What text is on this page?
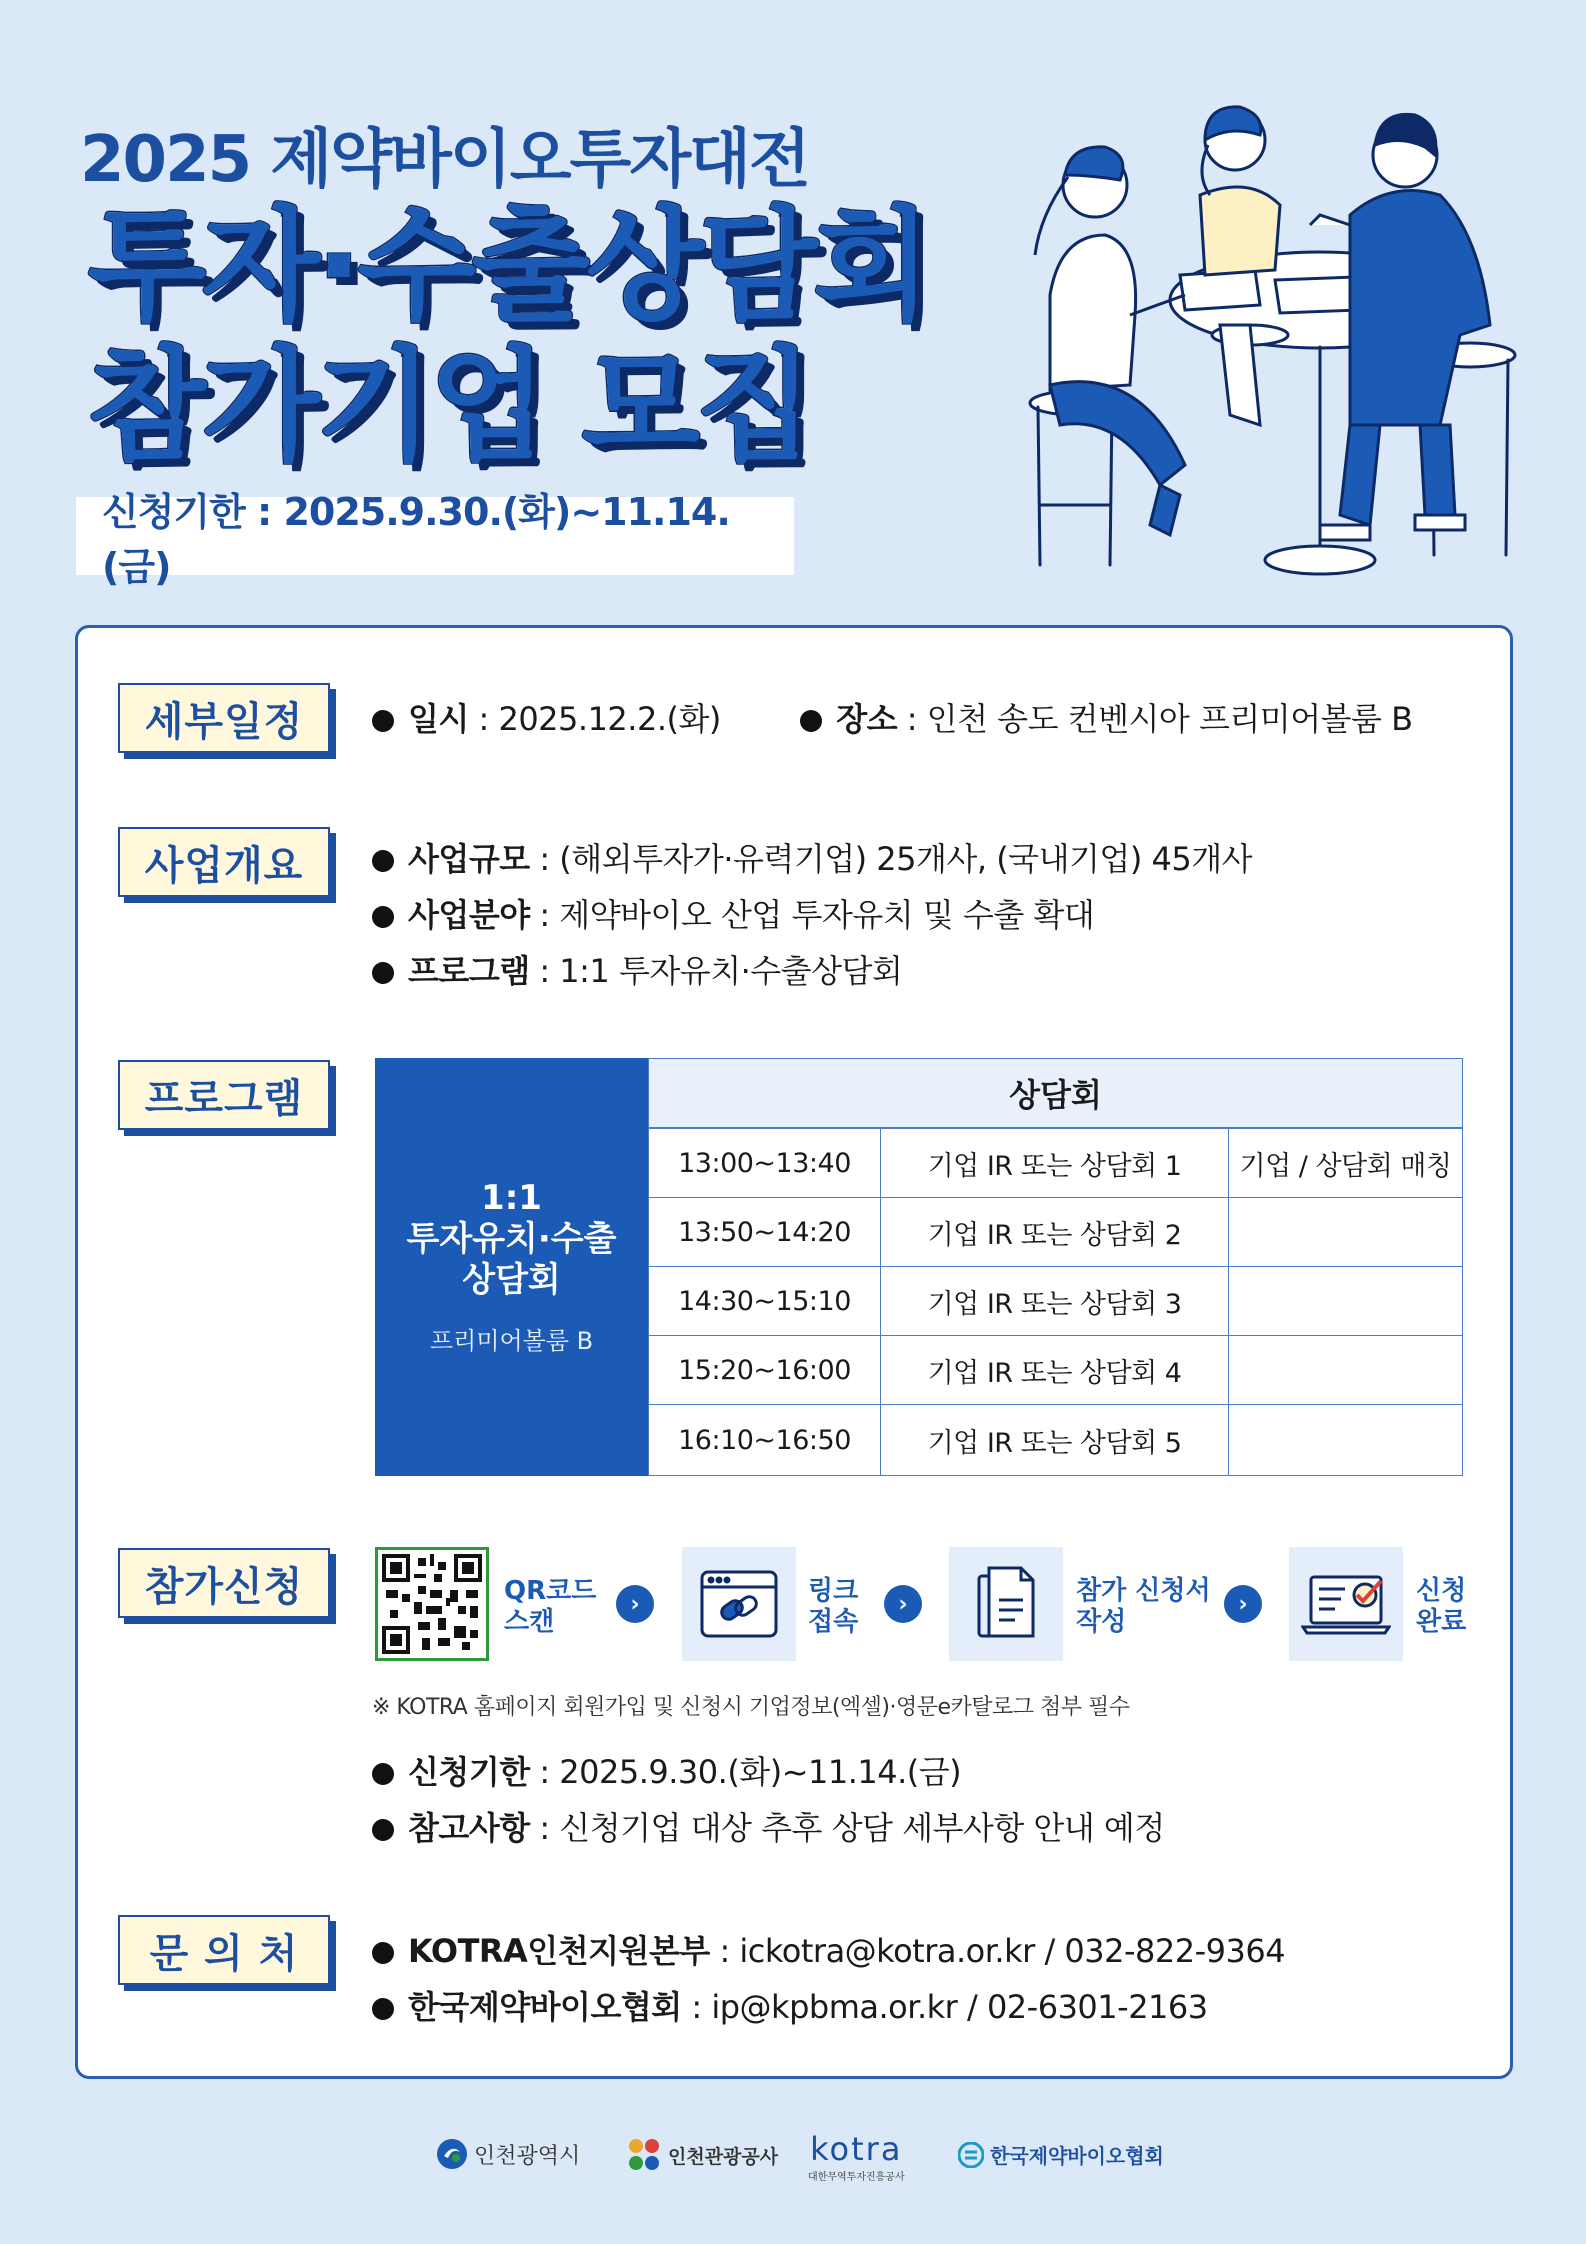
2025 제약바이오투자대전
투자·수출상담회
참가기업 모집
신청기한 : 2025.9.30.(화)~11.14.(금)
세부일정	일시 : 2025.12.2.(화)	장소 : 인천 송도 컨벤시아 프리미어볼룸 B
사업개요	사업규모 : (해외투자가·유력기업) 25개사, (국내기업) 45개사
사업분야 : 제약바이오 산업 투자유치 및 수출 확대
프로그램 : 1:1 투자유치·수출상담회
프로그램
1:1
투자유치·수출
상담회
프리미어볼룸 B
상담회
13:00~13:40	기업 IR 또는 상담회 1	기업 / 상담회 매칭
13:50~14:20	기업 IR 또는 상담회 2
14:30~15:10	기업 IR 또는 상담회 3
15:20~16:00	기업 IR 또는 상담회 4
16:10~16:50	기업 IR 또는 상담회 5
참가신청	QR코드
스캔
›	링크
접속
›	참가 신청서
작성
›	신청
완료
※ KOTRA 홈페이지 회원가입 및 신청시 기업정보(엑셀)·영문e카탈로그 첨부 필수
신청기한 : 2025.9.30.(화)~11.14.(금)
참고사항 : 신청기업 대상 추후 상담 세부사항 안내 예정
문 의 처	KOTRA인천지원본부 : ickotra@kotra.or.kr / 032-822-9364
한국제약바이오협회 : ip@kpbma.or.kr / 02-6301-2163
인천광역시	인천관광공사 kotra
대한무역투자진흥공사
한국제약바이오협회
